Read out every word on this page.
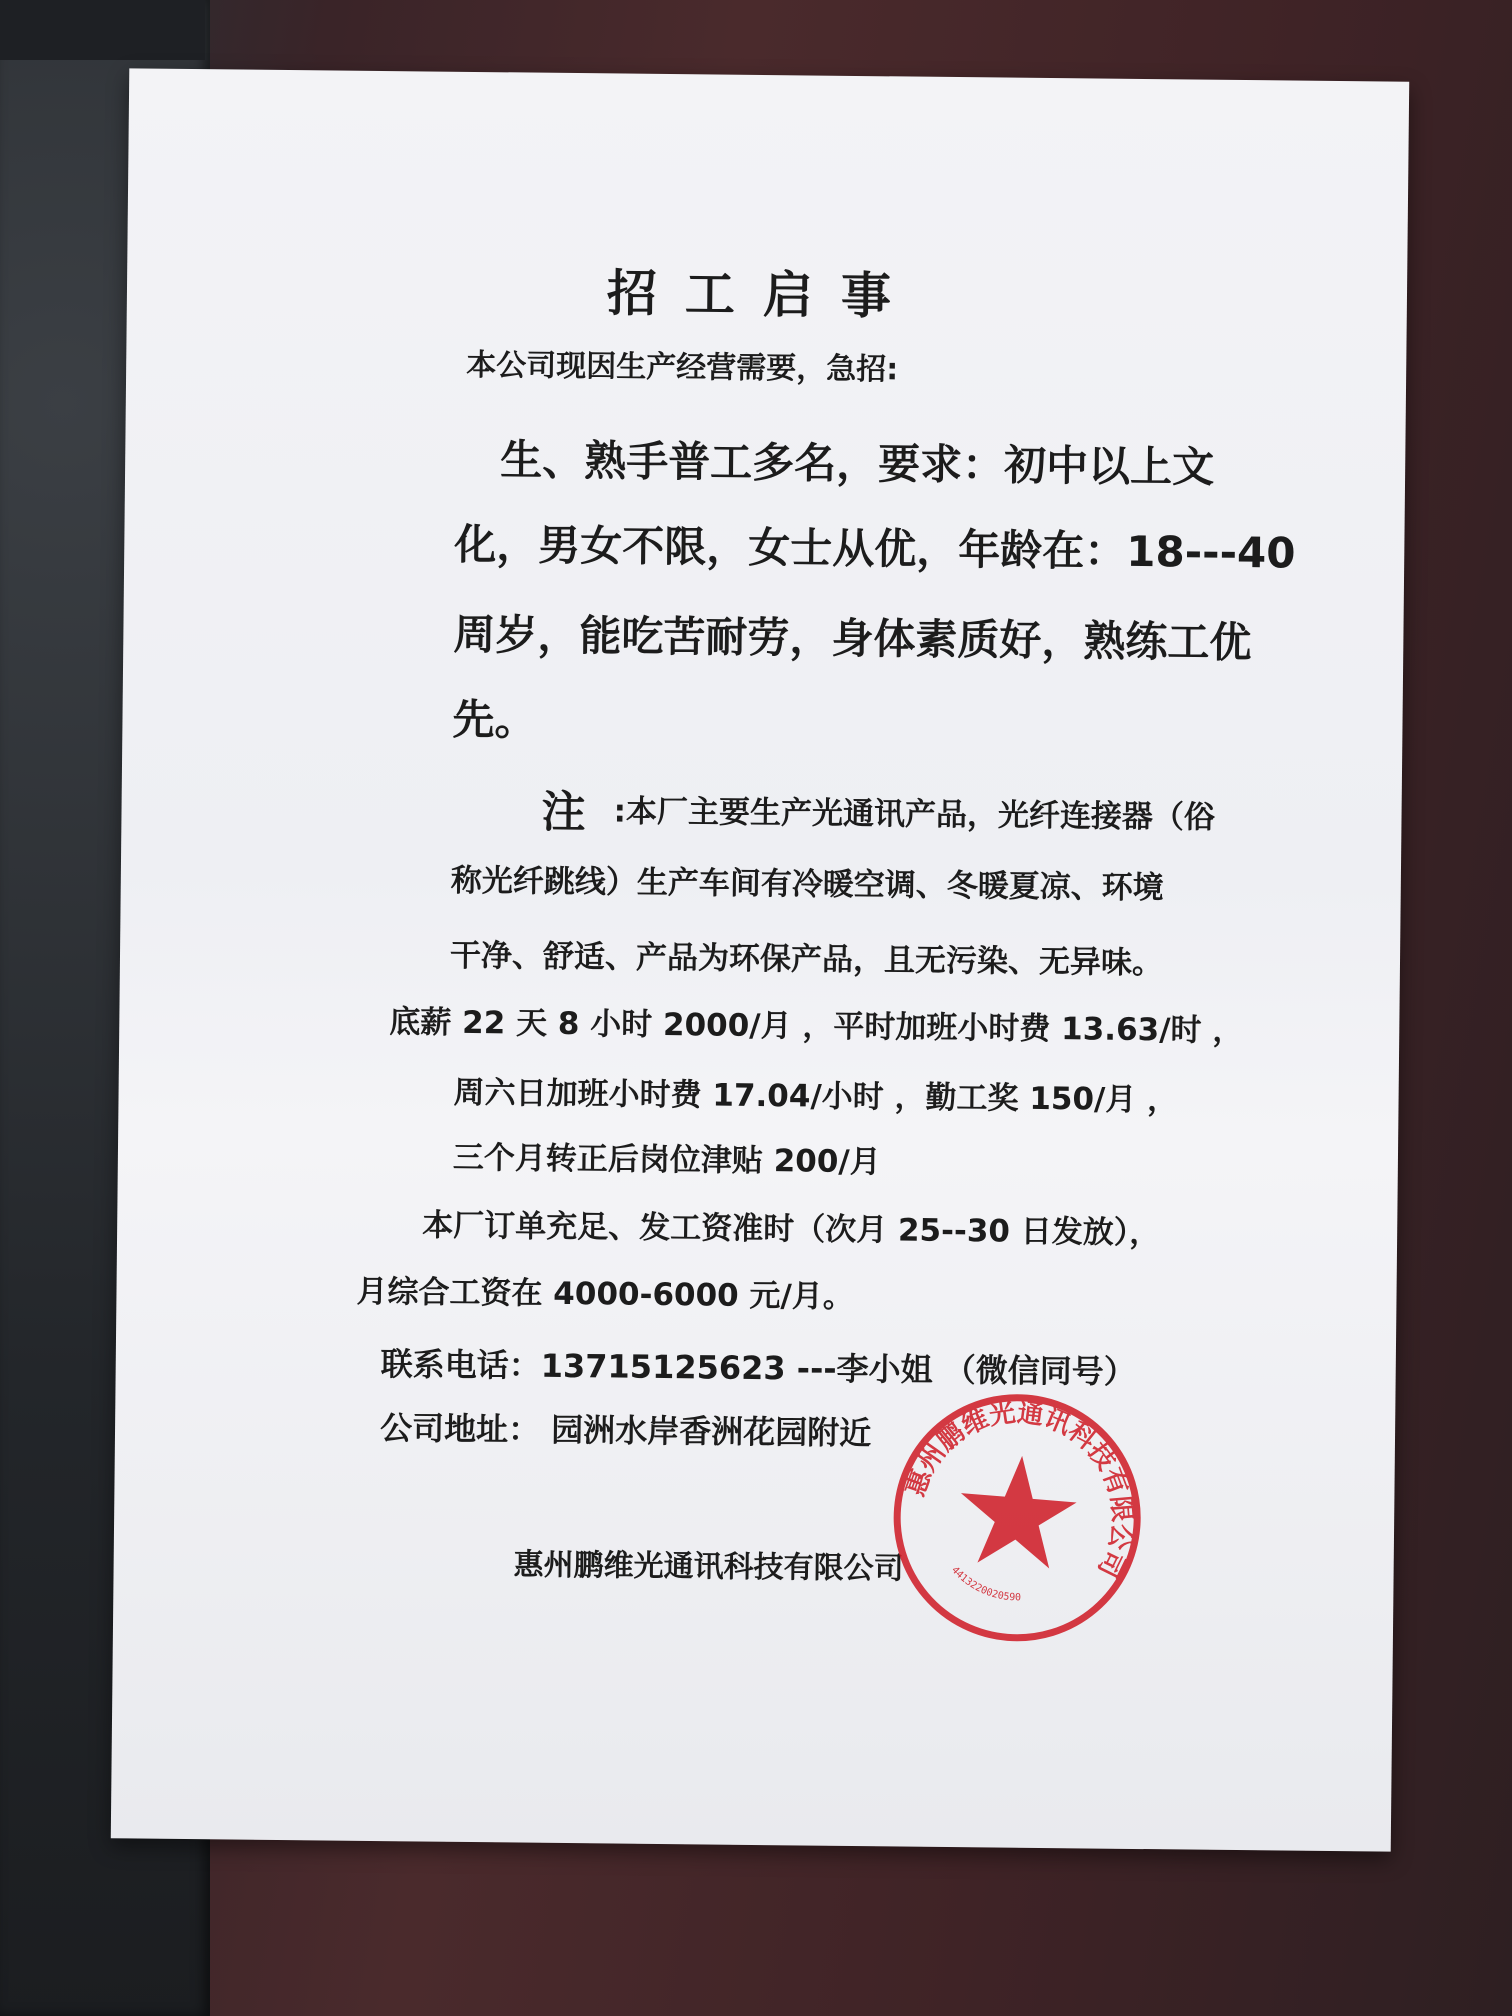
招工启事
本公司现因生产经营需要，急招:
生、熟手普工多名，要求：初中以上文
化，男女不限，女士从优，年龄在：18---40
周岁，能吃苦耐劳，身体素质好，熟练工优
先。
注 :本厂主要生产光通讯产品，光纤连接器（俗
称光纤跳线）生产车间有冷暖空调、冬暖夏凉、环境
干净、舒适、产品为环保产品，且无污染、无异味。
底薪 22 天 8 小时 2000/月 ，平时加班小时费 13.63/时 ，
周六日加班小时费 17.04/小时 ，勤工奖 150/月 ，
三个月转正后岗位津贴 200/月
本厂订单充足、发工资准时（次月 25--30 日发放），
月综合工资在 4000-6000 元/月。
联系电话：13715125623 ---李小姐 （微信同号）
公司地址： 园洲水岸香洲花园附近
惠州鹏维光通讯科技有限公司
惠州鹏维光通讯科技有限公司
4413220020590
